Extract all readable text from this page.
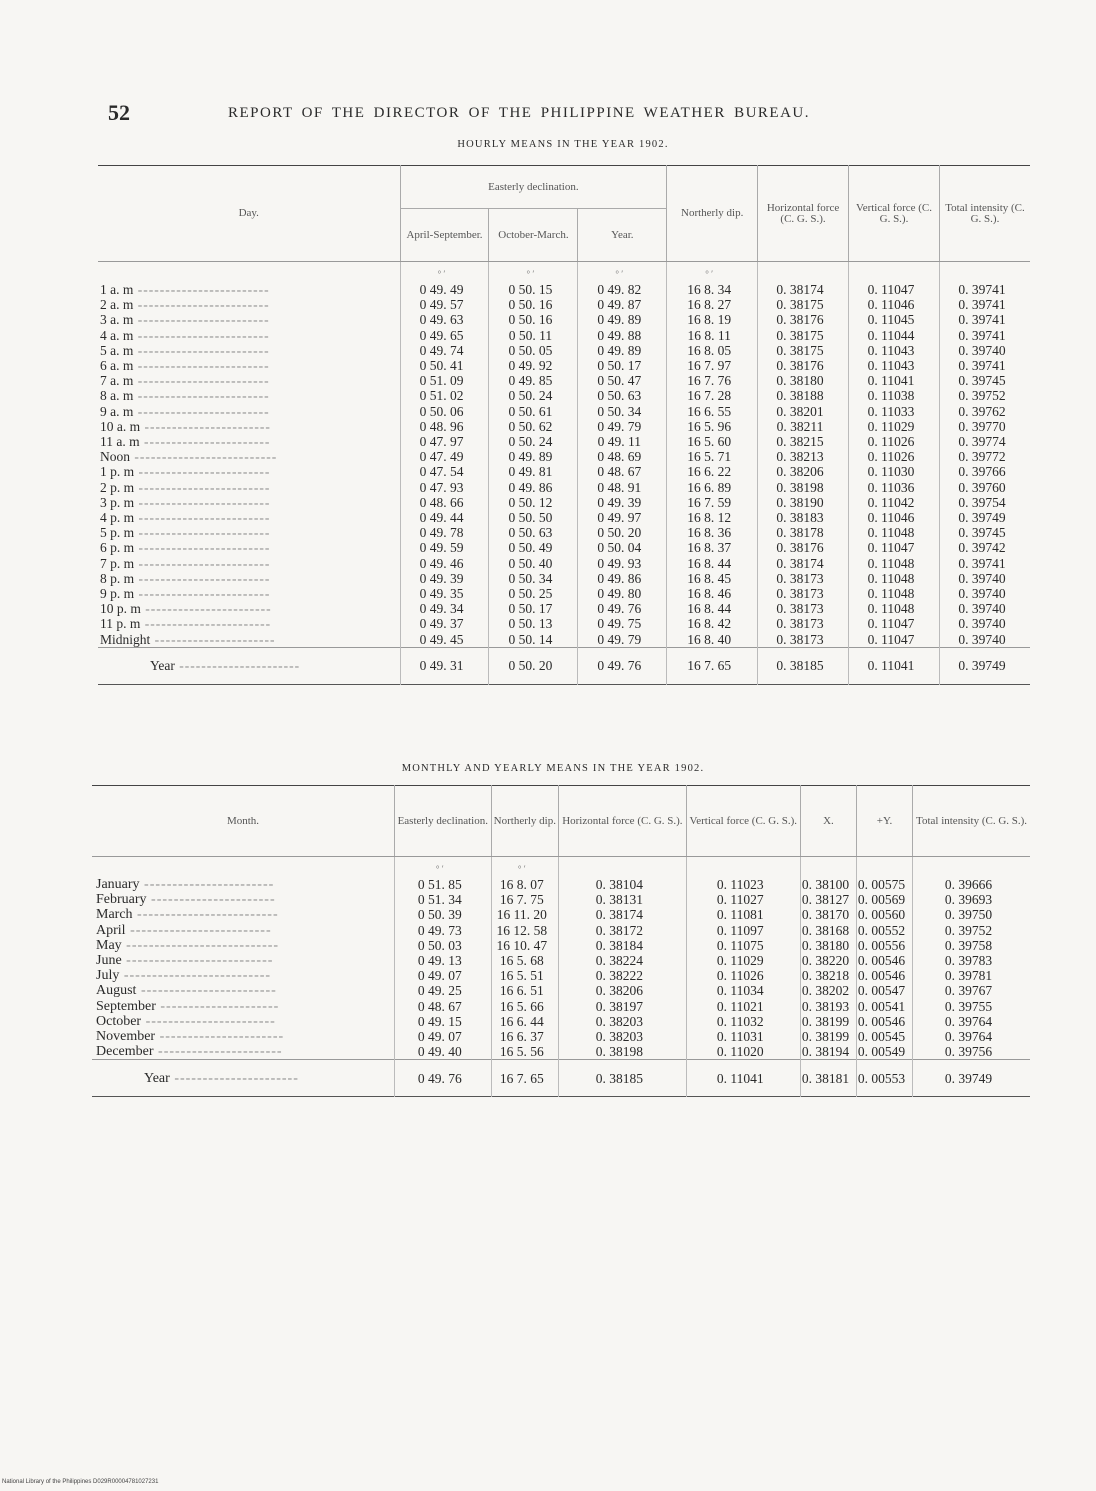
52	REPORT OF THE DIRECTOR OF THE PHILIPPINE WEATHER BUREAU.
HOURLY MEANS IN THE YEAR 1902.
Day.	Easterly declination.			Northerly dip.	Horizontal force (C. G. S.).	Vertical force (C. G. S.).	Total intensity (C. G. S.).
	April-September.	October-March.	Year.				
	° ′	° ′	° ′	° ′			
1 a. m ------------------------	0 49. 49	0 50. 15	0 49. 82	16 8. 34	0. 38174	0. 11047	0. 39741
2 a. m ------------------------	0 49. 57	0 50. 16	0 49. 87	16 8. 27	0. 38175	0. 11046	0. 39741
3 a. m ------------------------	0 49. 63	0 50. 16	0 49. 89	16 8. 19	0. 38176	0. 11045	0. 39741
4 a. m ------------------------	0 49. 65	0 50. 11	0 49. 88	16 8. 11	0. 38175	0. 11044	0. 39741
5 a. m ------------------------	0 49. 74	0 50. 05	0 49. 89	16 8. 05	0. 38175	0. 11043	0. 39740
6 a. m ------------------------	0 50. 41	0 49. 92	0 50. 17	16 7. 97	0. 38176	0. 11043	0. 39741
7 a. m ------------------------	0 51. 09	0 49. 85	0 50. 47	16 7. 76	0. 38180	0. 11041	0. 39745
8 a. m ------------------------	0 51. 02	0 50. 24	0 50. 63	16 7. 28	0. 38188	0. 11038	0. 39752
9 a. m ------------------------	0 50. 06	0 50. 61	0 50. 34	16 6. 55	0. 38201	0. 11033	0. 39762
10 a. m -----------------------	0 48. 96	0 50. 62	0 49. 79	16 5. 96	0. 38211	0. 11029	0. 39770
11 a. m -----------------------	0 47. 97	0 50. 24	0 49. 11	16 5. 60	0. 38215	0. 11026	0. 39774
Noon --------------------------	0 47. 49	0 49. 89	0 48. 69	16 5. 71	0. 38213	0. 11026	0. 39772
1 p. m ------------------------	0 47. 54	0 49. 81	0 48. 67	16 6. 22	0. 38206	0. 11030	0. 39766
2 p. m ------------------------	0 47. 93	0 49. 86	0 48. 91	16 6. 89	0. 38198	0. 11036	0. 39760
3 p. m ------------------------	0 48. 66	0 50. 12	0 49. 39	16 7. 59	0. 38190	0. 11042	0. 39754
4 p. m ------------------------	0 49. 44	0 50. 50	0 49. 97	16 8. 12	0. 38183	0. 11046	0. 39749
5 p. m ------------------------	0 49. 78	0 50. 63	0 50. 20	16 8. 36	0. 38178	0. 11048	0. 39745
6 p. m ------------------------	0 49. 59	0 50. 49	0 50. 04	16 8. 37	0. 38176	0. 11047	0. 39742
7 p. m ------------------------	0 49. 46	0 50. 40	0 49. 93	16 8. 44	0. 38174	0. 11048	0. 39741
8 p. m ------------------------	0 49. 39	0 50. 34	0 49. 86	16 8. 45	0. 38173	0. 11048	0. 39740
9 p. m ------------------------	0 49. 35	0 50. 25	0 49. 80	16 8. 46	0. 38173	0. 11048	0. 39740
10 p. m -----------------------	0 49. 34	0 50. 17	0 49. 76	16 8. 44	0. 38173	0. 11048	0. 39740
11 p. m -----------------------	0 49. 37	0 50. 13	0 49. 75	16 8. 42	0. 38173	0. 11047	0. 39740
Midnight ----------------------	0 49. 45	0 50. 14	0 49. 79	16 8. 40	0. 38173	0. 11047	0. 39740
Year ----------------------	0 49. 31	0 50. 20	0 49. 76	16 7. 65	0. 38185	0. 11041	0. 39749
MONTHLY AND YEARLY MEANS IN THE YEAR 1902.
Month.	Easterly declination.	Northerly dip.	Horizontal force (C. G. S.).	Vertical force (C. G. S.).	X.	+Y.	Total intensity (C. G. S.).
	° ′	° ′					
January -----------------------	0 51. 85	16 8. 07	0. 38104	0. 11023	0. 38100	0. 00575	0. 39666
February ----------------------	0 51. 34	16 7. 75	0. 38131	0. 11027	0. 38127	0. 00569	0. 39693
March -------------------------	0 50. 39	16 11. 20	0. 38174	0. 11081	0. 38170	0. 00560	0. 39750
April -------------------------	0 49. 73	16 12. 58	0. 38172	0. 11097	0. 38168	0. 00552	0. 39752
May ---------------------------	0 50. 03	16 10. 47	0. 38184	0. 11075	0. 38180	0. 00556	0. 39758
June --------------------------	0 49. 13	16 5. 68	0. 38224	0. 11029	0. 38220	0. 00546	0. 39783
July --------------------------	0 49. 07	16 5. 51	0. 38222	0. 11026	0. 38218	0. 00546	0. 39781
August ------------------------	0 49. 25	16 6. 51	0. 38206	0. 11034	0. 38202	0. 00547	0. 39767
September ---------------------	0 48. 67	16 5. 66	0. 38197	0. 11021	0. 38193	0. 00541	0. 39755
October -----------------------	0 49. 15	16 6. 44	0. 38203	0. 11032	0. 38199	0. 00546	0. 39764
November ----------------------	0 49. 07	16 6. 37	0. 38203	0. 11031	0. 38199	0. 00545	0. 39764
December ----------------------	0 49. 40	16 5. 56	0. 38198	0. 11020	0. 38194	0. 00549	0. 39756
Year ----------------------	0 49. 76	16 7. 65	0. 38185	0. 11041	0. 38181	0. 00553	0. 39749
National Library of the Philippines D029R00004781027231
